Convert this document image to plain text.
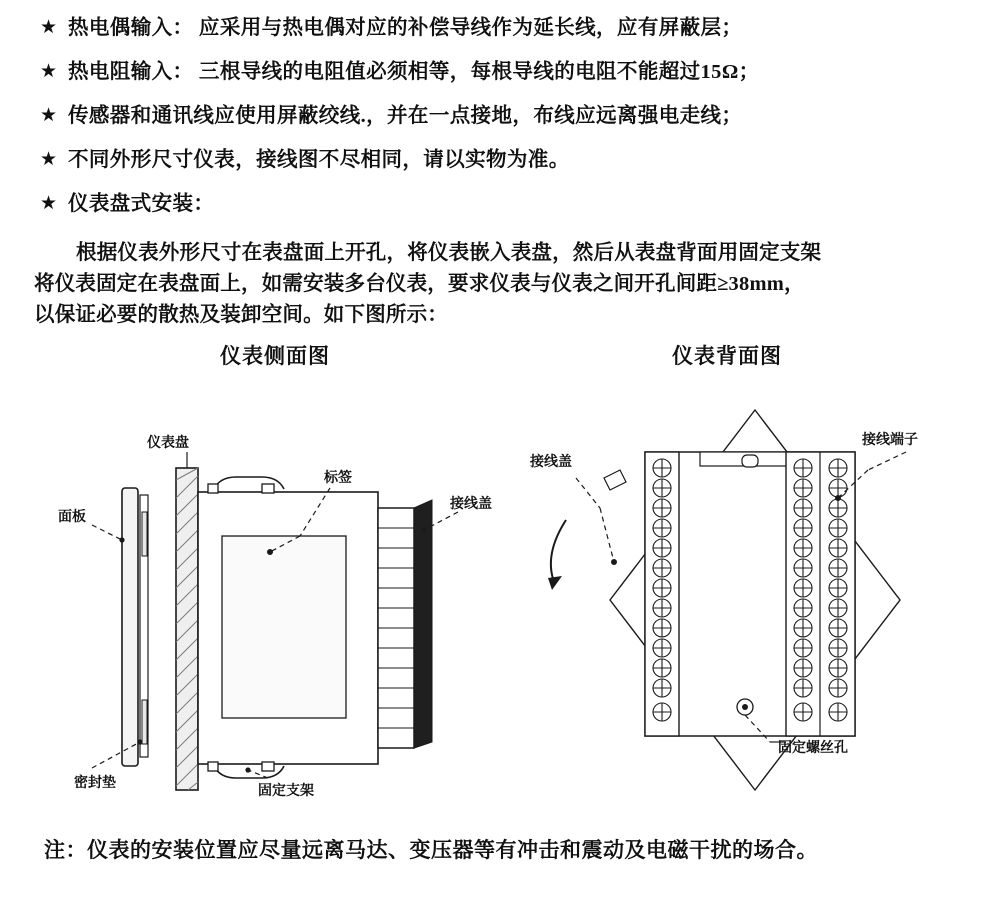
★ 热电偶输入： 应采用与热电偶对应的补偿导线作为延长线，应有屏蔽层；
★ 热电阻输入： 三根导线的电阻值必须相等，每根导线的电阻不能超过15Ω；
★ 传感器和通讯线应使用屏蔽绞线.，并在一点接地，布线应远离强电走线；
★ 不同外形尺寸仪表，接线图不尽相同，请以实物为准。
★ 仪表盘式安装：

根据仪表外形尺寸在表盘面上开孔，将仪表嵌入表盘，然后从表盘背面用固定支架

将仪表固定在表盘面上，如需安装多台仪表，要求仪表与仪表之间开孔间距≥38mm，

以保证必要的散热及装卸空间。如下图所示：

仪表侧面图	仪表背面图
仪表盘
面板
标签
接线盖
密封垫	固定支架
接线盖
接线端子
固定螺丝孔
注：仪表的安装位置应尽量远离马达、变压器等有冲击和震动及电磁干扰的场合。
